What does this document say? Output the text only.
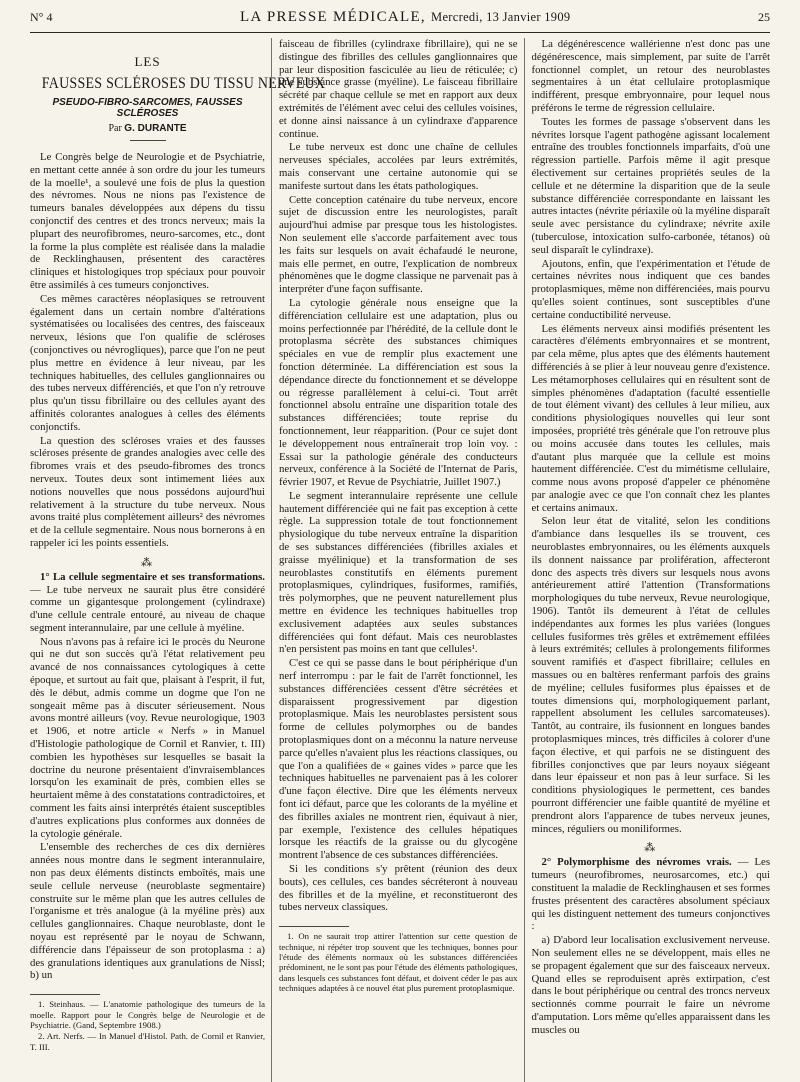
N° 4	LA PRESSE MÉDICALE, Mercredi, 13 Janvier 1909	25
LES
FAUSSES SCLÉROSES DU TISSU NERVEUX
PSEUDO-FIBRO-SARCOMES, FAUSSES SCLÉROSES
Par G. DURANTE

Le Congrès belge de Neurologie et de Psychiatrie, en mettant cette année à son ordre du jour les tumeurs de la moelle¹, a soulevé une fois de plus la question des névromes. Nous ne nions pas l'existence de tumeurs banales développées aux dépens du tissu conjonctif des centres et des troncs nerveux; mais la plupart des neurofibromes, neuro-sarcomes, etc., dont la forme la plus complète est réalisée dans la maladie de Recklinghausen, présentent des caractères cliniques et histologiques trop spéciaux pour pouvoir être assimilés à ces tumeurs conjonctives.

Ces mêmes caractères néoplasiques se retrouvent également dans un certain nombre d'altérations systématisées ou localisées des centres, des faisceaux nerveux, lésions que l'on qualifie de scléroses (conjonctives ou névrogliques), parce que l'on ne peut plus mettre en évidence à leur niveau, par les techniques habituelles, des cellules ganglionnaires ou des tubes nerveux différenciés, et que l'on n'y retrouve plus qu'un tissu fibrillaire ou des cellules ayant des affinités colorantes analogues à celles des éléments conjonctifs.

La question des scléroses vraies et des fausses scléroses présente de grandes analogies avec celle des fibromes vrais et des pseudo-fibromes des troncs nerveux. Toutes deux sont intimement liées aux notions nouvelles que nous possédons aujourd'hui relativement à la structure du tube nerveux. Nous avons traité plus complètement ailleurs² des névromes et de la cellule segmentaire. Nous nous bornerons à en rappeler ici les points essentiels.

⁂

1° La cellule segmentaire et ses transformations. — Le tube nerveux ne saurait plus être considéré comme un gigantesque prolongement (cylindraxe) d'une cellule centrale entouré, au niveau de chaque segment interannulaire, par une cellule à myéline.

Nous n'avons pas à refaire ici le procès du Neurone qui ne dut son succès qu'à l'état relativement peu avancé de nos connaissances cytologiques à cette époque, et surtout au fait que, plaisant à l'esprit, il fut, dès le début, admis comme un dogme que l'on ne songeait même pas à discuter sérieusement. Nous avons montré ailleurs (voy. Revue neurologique, 1903 et 1906, et notre article « Nerfs » in Manuel d'Histologie pathologique de Cornil et Ranvier, t. III) combien les hypothèses sur lesquelles se basait la doctrine du neurone présentaient d'invraisemblances lorsqu'on les examinait de près, combien elles se heurtaient même à des constatations contradictoires, et comment les faits ainsi interprétés étaient susceptibles d'autres explications plus conformes aux données de la cytologie générale.

L'ensemble des recherches de ces dix dernières années nous montre dans le segment interannulaire, non pas deux éléments distincts emboîtés, mais une seule cellule nerveuse (neuroblaste segmentaire) construite sur le même plan que les autres cellules de l'organisme et très analogue (à la myéline près) aux cellules ganglionnaires. Chaque neuroblaste, dont le noyau est représenté par le noyau de Schwann, différencie dans l'épaisseur de son protoplasma : a) des granulations identiques aux granulations de Nissl; b) un

1. Steinhaus. — L'anatomie pathologique des tumeurs de la moelle. Rapport pour le Congrès belge de Neurologie et de Psychiatrie. (Gand, Septembre 1908.)

2. Art. Nerfs. — In Manuel d'Histol. Path. de Cornil et Ranvier, T. III.

faisceau de fibrilles (cylindraxe fibrillaire), qui ne se distingue des fibrilles des cellules ganglionnaires que par leur disposition fasciculée au lieu de réticulée; c) une substance grasse (myéline). Le faisceau fibrillaire sécrété par chaque cellule se met en rapport aux deux extrémités de l'élément avec celui des cellules voisines, et donne ainsi naissance à un cylindraxe d'apparence continue.

Le tube nerveux est donc une chaîne de cellules nerveuses spéciales, accolées par leurs extrémités, mais conservant une certaine autonomie qui se manifeste surtout dans les états pathologiques.

Cette conception caténaire du tube nerveux, encore sujet de discussion entre les neurologistes, paraît aujourd'hui admise par presque tous les histologistes. Non seulement elle s'accorde parfaitement avec tous les faits sur lesquels on avait échafaudé le neurone, mais elle permet, en outre, l'explication de nombreux phénomènes que le dogme classique ne parvenait pas à interpréter d'une façon suffisante.

La cytologie générale nous enseigne que la différenciation cellulaire est une adaptation, plus ou moins perfectionnée par l'hérédité, de la cellule dont le protoplasma sécrète des substances chimiques spéciales en vue de remplir plus exactement une fonction déterminée. La différenciation est sous la dépendance directe du fonctionnement et se développe ou régresse parallèlement à celui-ci. Tout arrêt fonctionnel absolu entraîne une disparition totale des substances différenciées; toute reprise du fonctionnement, leur réapparition. (Pour ce sujet dont le développement nous entraînerait trop loin voy. : Essai sur la pathologie générale des conducteurs nerveux, conférence à la Société de l'Internat de Paris, février 1907, et Revue de Psychiatrie, Juillet 1907.)

Le segment interannulaire représente une cellule hautement différenciée qui ne fait pas exception à cette règle. La suppression totale de tout fonctionnement physiologique du tube nerveux entraîne la disparition de ses substances différenciées (fibrilles axiales et graisse myélinique) et la transformation de ses neuroblastes constitutifs en éléments purement protoplasmiques, cylindriques, fusiformes, ramifiés, très polymorphes, que ne peuvent naturellement plus mettre en évidence les techniques habituelles trop exclusivement adaptées aux seules substances différenciées qui font défaut. Mais ces neuroblastes n'en persistent pas moins en tant que cellules¹.

C'est ce qui se passe dans le bout périphérique d'un nerf interrompu : par le fait de l'arrêt fonctionnel, les substances différenciées cessent d'être sécrétées et disparaissent progressivement par digestion protoplasmique. Mais les neuroblastes persistent sous forme de cellules polymorphes ou de bandes protoplasmiques dont on a méconnu la nature nerveuse parce qu'elles n'avaient plus les réactions classiques, ou que l'on a qualifiées de « gaines vides » parce que les techniques habituelles ne parvenaient pas à les colorer d'une façon élective. Dire que les éléments nerveux font ici défaut, parce que les colorants de la myéline et des fibrilles axiales ne montrent rien, équivaut à nier, par exemple, l'existence des cellules hépatiques lorsque les réactifs de la graisse ou du glycogène montrent l'absence de ces substances différenciées.

Si les conditions s'y prêtent (réunion des deux bouts), ces cellules, ces bandes sécréteront à nouveau des fibrilles et de la myéline, et reconstitueront des tubes nerveux classiques.

1. On ne saurait trop attirer l'attention sur cette question de technique, ni répéter trop souvent que les techniques, bonnes pour l'étude des éléments normaux où les substances différenciées prédominent, ne le sont pas pour l'étude des éléments pathologiques, dans lesquels ces substances font défaut, et doivent céder le pas aux techniques adaptées à ce nouvel état plus purement protoplasmique.

La dégénérescence wallérienne n'est donc pas une dégénérescence, mais simplement, par suite de l'arrêt fonctionnel complet, un retour des neuroblastes segmentaires à un état cellulaire protoplasmique indifférent, presque embryonnaire, pour lequel nous préférons le terme de régression cellulaire.

Toutes les formes de passage s'observent dans les névrites lorsque l'agent pathogène agissant localement entraîne des troubles fonctionnels imparfaits, d'où une régression partielle. Parfois même il agit presque électivement sur certaines propriétés seules de la cellule et ne détermine la disparition que de la seule substance différenciée correspondante en laissant les autres intactes (névrite périaxile où la myéline disparaît seule avec persistance du cylindraxe; névrite axile (tuberculose, intoxication sulfo-carbonée, tétanos) où seul disparaît le cylindraxe).

Ajoutons, enfin, que l'expérimentation et l'étude de certaines névrites nous indiquent que ces bandes protoplasmiques, même non différenciées, mais pourvu qu'elles soient continues, sont susceptibles d'une certaine conductibilité nerveuse.

Les éléments nerveux ainsi modifiés présentent les caractères d'éléments embryonnaires et se montrent, par cela même, plus aptes que des éléments hautement différenciés à se plier à leur nouveau genre d'existence. Les métamorphoses cellulaires qui en résultent sont de simples phénomènes d'adaptation (faculté essentielle de tout élément vivant) des cellules à leur milieu, aux conditions physiologiques nouvelles qui leur sont imposées, propriété très générale que l'on retrouve plus ou moins accusée dans toutes les cellules, mais d'autant plus marquée que la cellule est moins hautement différenciée. C'est du mimétisme cellulaire, comme nous avons proposé d'appeler ce phénomène par analogie avec ce que l'on connaît chez les plantes et certains animaux.

Selon leur état de vitalité, selon les conditions d'ambiance dans lesquelles ils se trouvent, ces neuroblastes embryonnaires, ou les éléments auxquels ils donnent naissance par prolifération, affecteront donc des aspects très divers sur lesquels nous avons antérieurement attiré l'attention (Transformations morphologiques du tube nerveux, Revue neurologique, 1906). Tantôt ils demeurent à l'état de cellules indépendantes aux formes les plus variées (longues cellules fusiformes très grêles et extrêmement effilées à leurs extrémités; cellules à prolongements filiformes souvent ramifiés et d'aspect fibrillaire; cellules en massues ou en baltères renfermant parfois des grains de myéline; cellules fusiformes plus épaisses et de toutes dimensions qui, morphologiquement parlant, rappellent absolument les cellules sarcomateuses). Tantôt, au contraire, ils fusionnent en longues bandes protoplasmiques minces, très difficiles à colorer d'une façon élective, et qui parfois ne se distinguent des fibrilles conjonctives que par leurs noyaux siégeant dans leur épaisseur et non pas à leur surface. Si les conditions physiologiques le permettent, ces bandes pourront différencier une faible quantité de myéline et prendront alors l'apparence de tubes nerveux jeunes, minces, réguliers ou moniliformes.

⁂

2° Polymorphisme des névromes vrais. — Les tumeurs (neurofibromes, neurosarcomes, etc.) qui constituent la maladie de Recklinghausen et ses formes frustes présentent des caractères absolument spéciaux qui les distinguent nettement des tumeurs conjonctives :

a) D'abord leur localisation exclusivement nerveuse. Non seulement elles ne se développent, mais elles ne se propagent également que sur des faisceaux nerveux. Quand elles se reproduisent après extirpation, c'est dans le bout périphérique ou central des troncs nerveux sectionnés comme pourrait le faire un névrome d'amputation. Lors même qu'elles apparaissent dans les muscles ou
